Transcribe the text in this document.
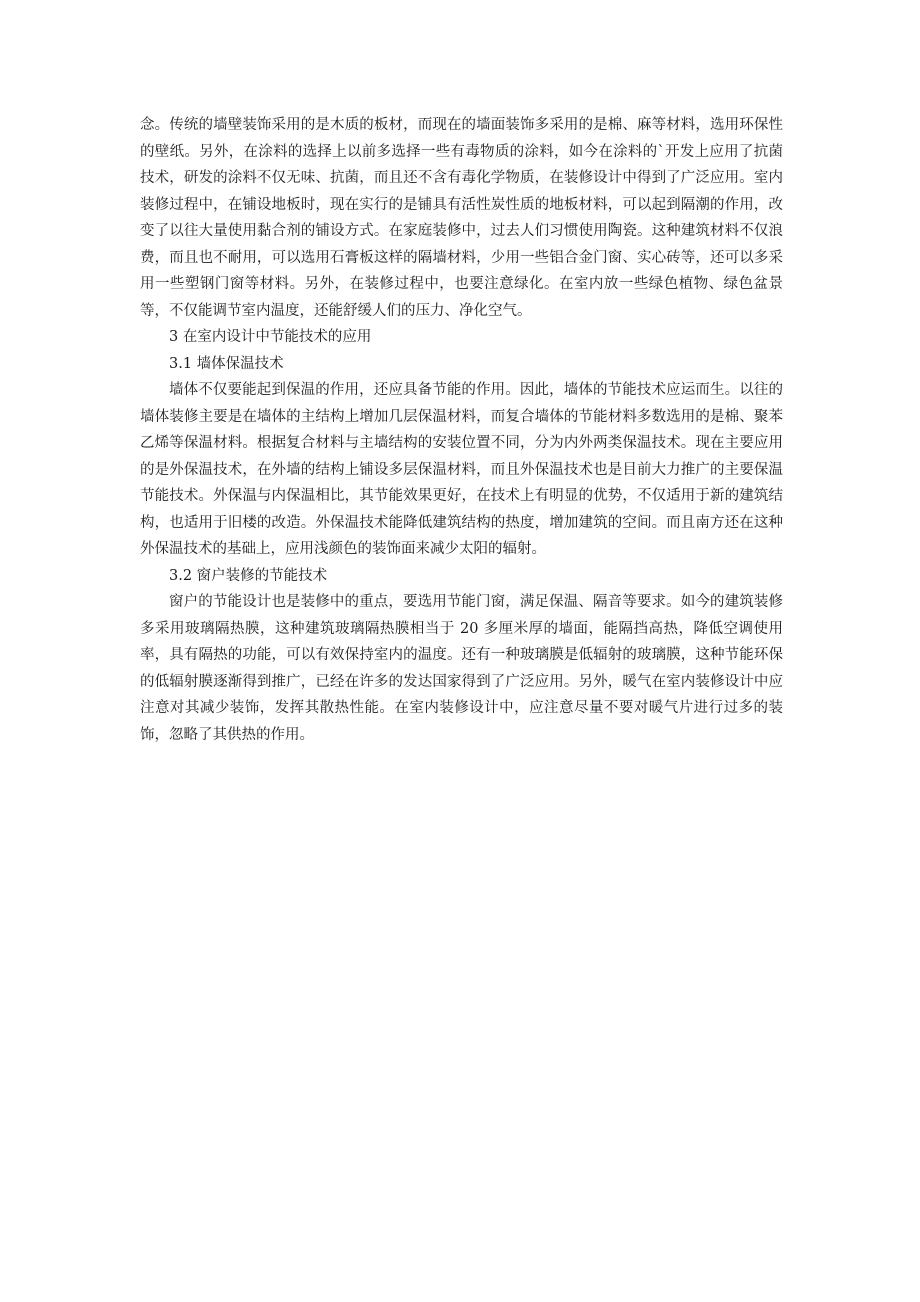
念。传统的墙壁装饰采用的是木质的板材，而现在的墙面装饰多采用的是棉、麻等材料，选用环保性的壁纸。另外，在涂料的选择上以前多选择一些有毒物质的涂料，如今在涂料的`开发上应用了抗菌技术，研发的涂料不仅无味、抗菌，而且还不含有毒化学物质，在装修设计中得到了广泛应用。室内装修过程中，在铺设地板时，现在实行的是铺具有活性炭性质的地板材料，可以起到隔潮的作用，改变了以往大量使用黏合剂的铺设方式。在家庭装修中，过去人们习惯使用陶瓷。这种建筑材料不仅浪费，而且也不耐用，可以选用石膏板这样的隔墙材料，少用一些铝合金门窗、实心砖等，还可以多采用一些塑钢门窗等材料。另外，在装修过程中，也要注意绿化。在室内放一些绿色植物、绿色盆景等，不仅能调节室内温度，还能舒缓人们的压力、净化空气。

3 在室内设计中节能技术的应用

3.1 墙体保温技术

墙体不仅要能起到保温的作用，还应具备节能的作用。因此，墙体的节能技术应运而生。以往的墙体装修主要是在墙体的主结构上增加几层保温材料，而复合墙体的节能材料多数选用的是棉、聚苯乙烯等保温材料。根据复合材料与主墙结构的安装位置不同，分为内外两类保温技术。现在主要应用的是外保温技术，在外墙的结构上铺设多层保温材料，而且外保温技术也是目前大力推广的主要保温节能技术。外保温与内保温相比，其节能效果更好，在技术上有明显的优势，不仅适用于新的建筑结构，也适用于旧楼的改造。外保温技术能降低建筑结构的热度，增加建筑的空间。而且南方还在这种外保温技术的基础上，应用浅颜色的装饰面来减少太阳的辐射。

3.2 窗户装修的节能技术

窗户的节能设计也是装修中的重点，要选用节能门窗，满足保温、隔音等要求。如今的建筑装修多采用玻璃隔热膜，这种建筑玻璃隔热膜相当于 20 多厘米厚的墙面，能隔挡高热，降低空调使用率，具有隔热的功能，可以有效保持室内的温度。还有一种玻璃膜是低辐射的玻璃膜，这种节能环保的低辐射膜逐渐得到推广，已经在许多的发达国家得到了广泛应用。另外，暖气在室内装修设计中应注意对其减少装饰，发挥其散热性能。在室内装修设计中，应注意尽量不要对暖气片进行过多的装饰，忽略了其供热的作用。
